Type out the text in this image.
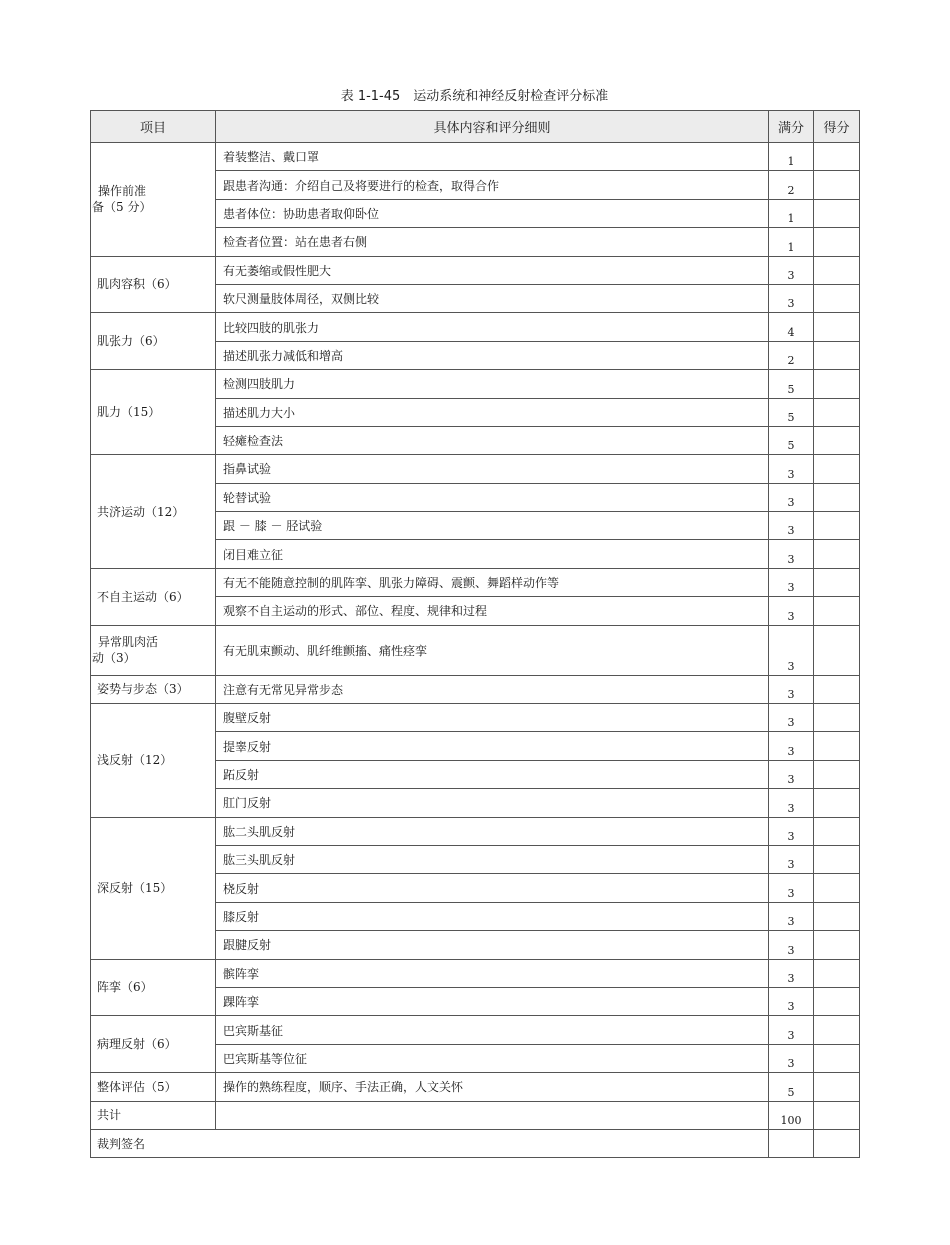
表 1-1-45　运动系统和神经反射检查评分标准
项目	具体内容和评分细则	满分	得分

操作前准
备（5 分）	着装整洁、戴口罩	1	
	跟患者沟通：介绍自己及将要进行的检查，取得合作	2	
	患者体位：协助患者取仰卧位	1	
	检查者位置：站在患者右侧	1	
肌肉容积（6）	有无萎缩或假性肥大	3	
	软尺测量肢体周径，双侧比较	3	
肌张力（6）	比较四肢的肌张力	4	
	描述肌张力减低和增高	2	
肌力（15）	检测四肢肌力	5	
	描述肌力大小	5	
	轻瘫检查法	5	
共济运动（12）	指鼻试验	3	
	轮替试验	3	
	跟 － 膝 － 胫试验	3	
	闭目难立征	3	
不自主运动（6）	有无不能随意控制的肌阵挛、肌张力障碍、震颤、舞蹈样动作等	3	
	观察不自主运动的形式、部位、程度、规律和过程	3	

异常肌肉活
动（3）	有无肌束颤动、肌纤维颤搐、痛性痉挛	3	
姿势与步态（3）	注意有无常见异常步态	3	
浅反射（12）	腹壁反射	3	
	提睾反射	3	
	跖反射	3	
	肛门反射	3	
深反射（15）	肱二头肌反射	3	
	肱三头肌反射	3	
	桡反射	3	
	膝反射	3	
	跟腱反射	3	
阵挛（6）	髌阵挛	3	
	踝阵挛	3	
病理反射（6）	巴宾斯基征	3	
	巴宾斯基等位征	3	
整体评估（5）	操作的熟练程度，顺序、手法正确，人文关怀	5	
共计		100	
裁判签名			
